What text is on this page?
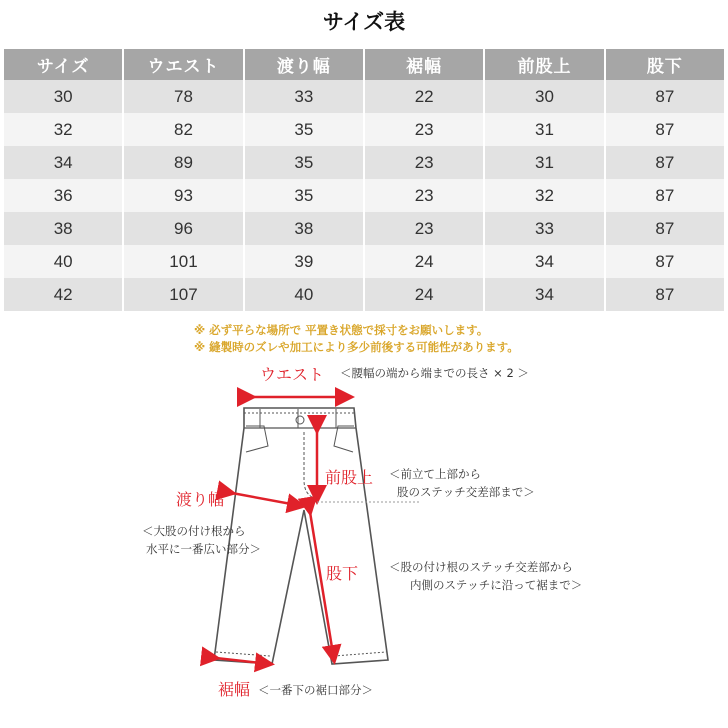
サイズ表
サイズ	ウエスト	渡り幅	裾幅	前股上	股下
30	78	33	22	30	87
32	82	35	23	31	87
34	89	35	23	31	87
36	93	35	23	32	87
38	96	38	23	33	87
40	101	39	24	34	87
42	107	40	24	34	87
※ 必ず平らな場所で 平置き状態で採寸をお願いします。
※ 縫製時のズレや加工により多少前後する可能性があります。
ウエスト ＜腰幅の端から端までの長さ × 2 ＞
前股上 ＜前立て上部から
股のステッチ交差部まで＞
渡り幅
＜大股の付け根から
水平に一番広い部分＞
股下	＜股の付け根のステッチ交差部から
内側のステッチに沿って裾まで＞
裾幅 ＜一番下の裾口部分＞
